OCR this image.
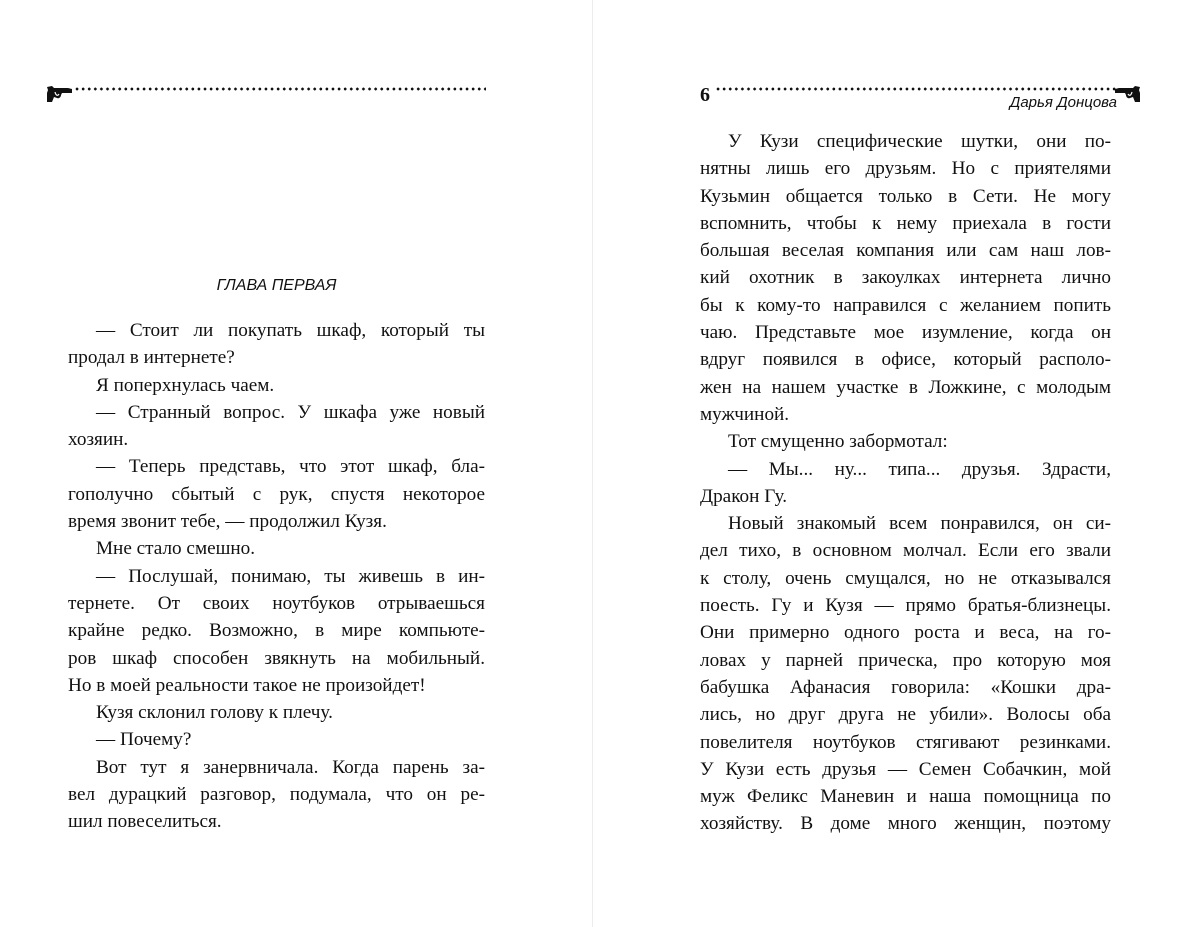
ГЛАВА ПЕРВАЯ
— Стоит ли покупать шкаф, который ты
продал в интернете?
Я поперхнулась чаем.
— Странный вопрос. У шкафа уже новый
хозяин.
— Теперь представь, что этот шкаф, бла-
гополучно сбытый с рук, спустя некоторое
время звонит тебе, — продолжил Кузя.
Мне стало смешно.
— Послушай, понимаю, ты живешь в ин-
тернете. От своих ноутбуков отрываешься
крайне редко. Возможно, в мире компьюте-
ров шкаф способен звякнуть на мобильный.
Но в моей реальности такое не произойдет!
Кузя склонил голову к плечу.
— Почему?
Вот тут я занервничала. Когда парень за-
вел дурацкий разговор, подумала, что он ре-
шил повеселиться.
6	Дарья Донцова
У Кузи специфические шутки, они по-
нятны лишь его друзьям. Но с приятелями
Кузьмин общается только в Сети. Не могу
вспомнить, чтобы к нему приехала в гости
большая веселая компания или сам наш лов-
кий охотник в закоулках интернета лично
бы к кому-то направился с желанием попить
чаю. Представьте мое изумление, когда он
вдруг появился в офисе, который располо-
жен на нашем участке в Ложкине, с молодым
мужчиной.
Тот смущенно забормотал:
— Мы... ну... типа... друзья. Здрасти,
Дракон Гу.
Новый знакомый всем понравился, он си-
дел тихо, в основном молчал. Если его звали
к столу, очень смущался, но не отказывался
поесть. Гу и Кузя — прямо братья-близнецы.
Они примерно одного роста и веса, на го-
ловах у парней прическа, про которую моя
бабушка Афанасия говорила: «Кошки дра-
лись, но друг друга не убили». Волосы оба
повелителя ноутбуков стягивают резинками.
У Кузи есть друзья — Семен Собачкин, мой
муж Феликс Маневин и наша помощница по
хозяйству. В доме много женщин, поэтому
